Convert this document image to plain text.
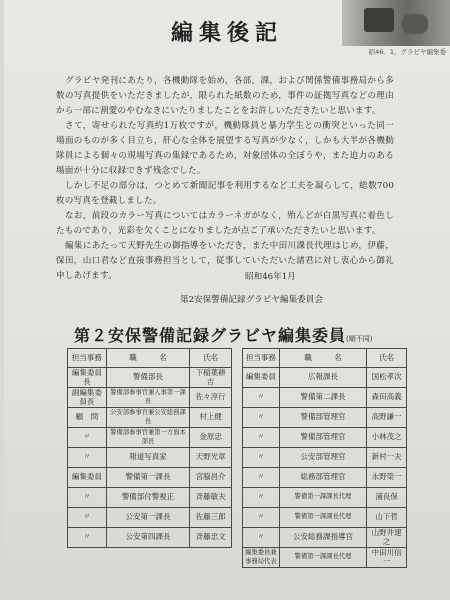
昭46．1，グラビヤ編集委
編集後記

グラビヤ発刊にあたり，各機動隊を始め，各部，課，および関係警備事務局から多数の写真提供をいただきましたが，限られた紙数のため，事件の証拠写真などの理由から一部に割愛のやむなきにいたりましたことをお許しいただきたいと思います。

さて，寄せられた写真約1万枚ですが，機動隊員と暴力学生との衝突といった同一場面のものが多く目立ち，肝心な全体を展望する写真が少なく，しかも大半が各機動隊員による個々の現場写真の集録であるため，対象団体の全ぼうや，また迫力のある場面が十分に収録できず残念でした。

しかし不足の部分は，つとめて新聞記事を利用するなど工夫を凝らして，総数700枚の写真を登載しました。

なお，前段のカラー写真についてはカラーネガがなく，殆んどが白黒写真に着色したものであり，光彩を欠くことになりましたが点ご了承いただきたいと思います。

編集にあたって天野先生の御指導をいただき，また中田川課長代理はじめ，伊藤，保田，山口君など直接事務担当として，従事していただいた諸君に対し衷心から御礼申しあげます。	昭和46年1月
第2安保警備記録グラビヤ編集委員会
第２安保警備記録グラビヤ編集委員(順不同)
担当事務	職　　　 名	氏名
編集委員長	警備部長	下稲葉耕吉
副編集委員長	警備部参事官兼人事第一課長	佐々淳行
顧　問	公安部参事官兼公安総務課長	村上健
〃	警備部参事官兼第一方面本部長	金原忠
〃	報道写真家	天野光章
編集委員	警備第一課長	宮脇昌介
〃	警備部付警視正	斉藤敏夫
〃	公安第一課長	佐藤三郎
〃	公安第四課長	斉藤忠文
担当事務	職　　　 名	氏名
編集委員	広報課長	国松孝次
〃	警備第二課長	森田高義
〃	警備部管理官	高野謙一
〃	警備部管理官	小林茂之
〃	公安部管理官	新村一夫
〃	総務部管理官	永野榮一
〃	警備第一課課長代理	浦良保
〃	警備第一課課長代理	山下哲
〃	公安総務課指導官	山野井建之
編集委員兼事務局代表	警備第一課課長代理	中田川信一
